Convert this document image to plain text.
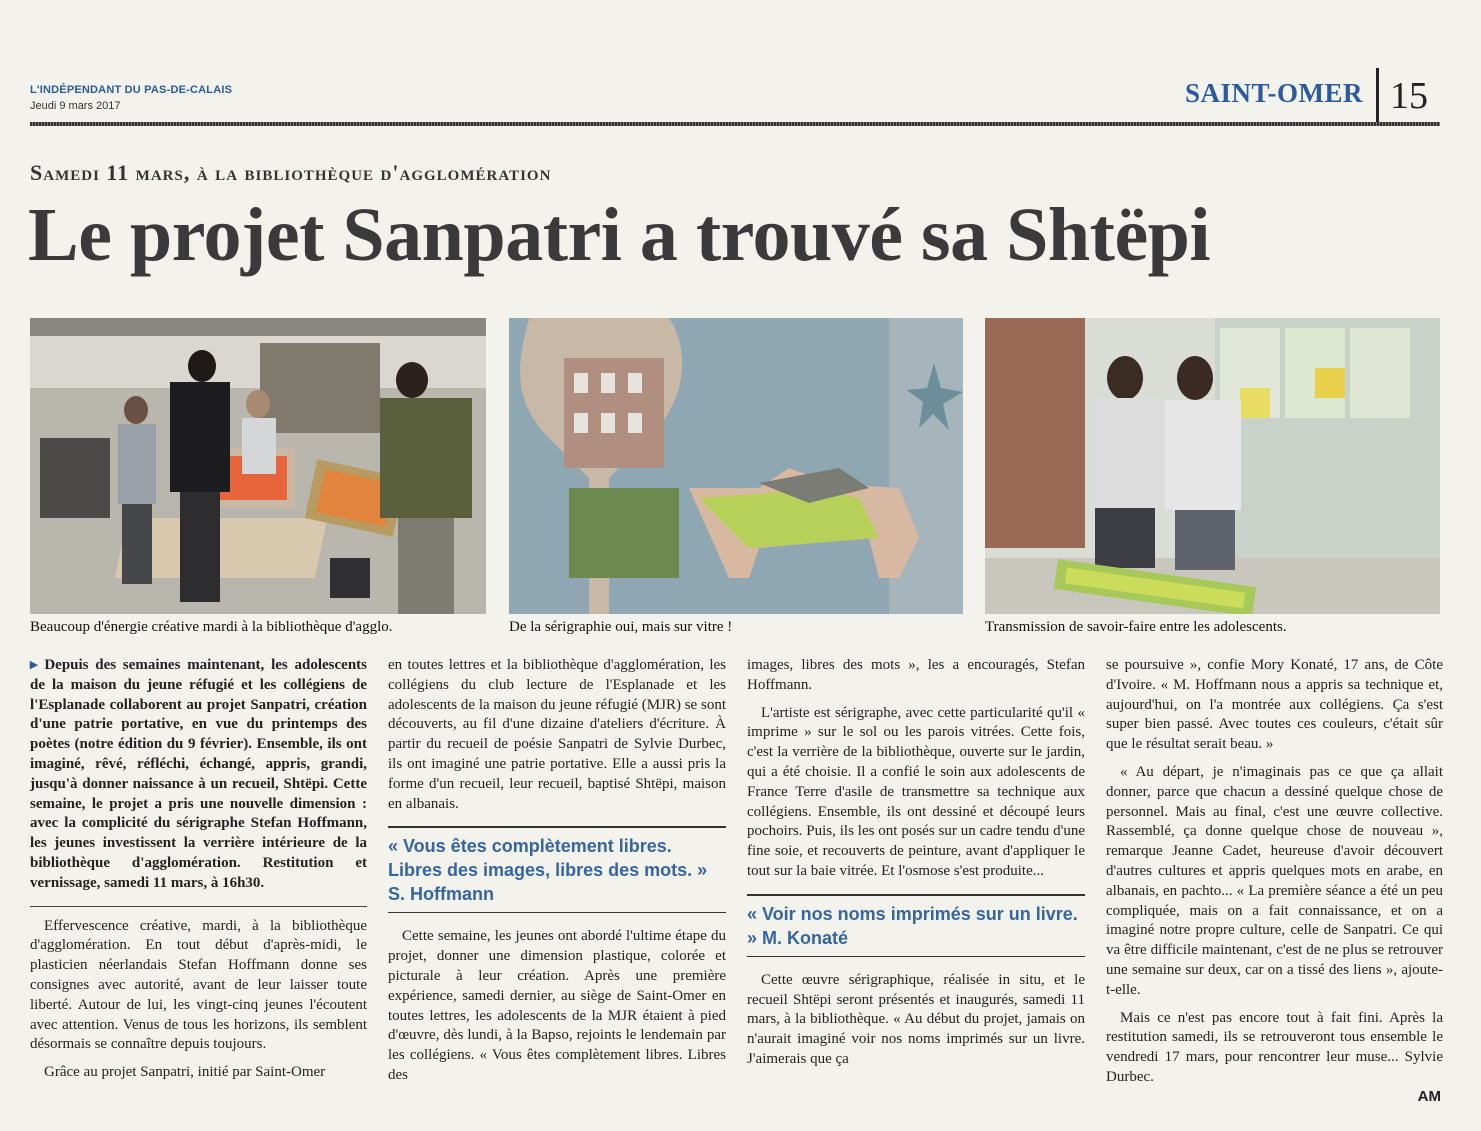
L'INDÉPENDANT DU PAS-DE-CALAIS
Jeudi 9 mars 2017	SAINT-OMER 15
Samedi 11 mars, à la bibliothèque d'agglomération
Le projet Sanpatri a trouvé sa Shtëpi
Beaucoup d'énergie créative mardi à la bibliothèque d'agglo.	De la sérigraphie oui, mais sur vitre !	Transmission de savoir-faire entre les adolescents.

▸ Depuis des semaines maintenant, les adolescents de la maison du jeune réfugié et les collégiens de l'Esplanade collaborent au projet Sanpatri, création d'une patrie portative, en vue du printemps des poètes (notre édition du 9 février). Ensemble, ils ont imaginé, rêvé, réfléchi, échangé, appris, grandi, jusqu'à donner naissance à un recueil, Shtëpi. Cette semaine, le projet a pris une nouvelle dimension : avec la complicité du sérigraphe Stefan Hoffmann, les jeunes investissent la verrière intérieure de la bibliothèque d'agglomération. Restitution et vernissage, samedi 11 mars, à 16h30.

Effervescence créative, mardi, à la bibliothèque d'agglomération. En tout début d'après-midi, le plasticien néerlandais Stefan Hoffmann donne ses consignes avec autorité, avant de leur laisser toute liberté. Autour de lui, les vingt-cinq jeunes l'écoutent avec attention. Venus de tous les horizons, ils semblent désormais se connaître depuis toujours.

Grâce au projet Sanpatri, initié par Saint-Omer

en toutes lettres et la bibliothèque d'agglomération, les collégiens du club lecture de l'Esplanade et les adolescents de la maison du jeune réfugié (MJR) se sont découverts, au fil d'une dizaine d'ateliers d'écriture. À partir du recueil de poésie Sanpatri de Sylvie Durbec, ils ont imaginé une patrie portative. Elle a aussi pris la forme d'un recueil, leur recueil, baptisé Shtëpi, maison en albanais.

« Vous êtes complètement libres. Libres des images, libres des mots. » S. Hoffmann

Cette semaine, les jeunes ont abordé l'ultime étape du projet, donner une dimension plastique, colorée et picturale à leur création. Après une première expérience, samedi dernier, au siège de Saint-Omer en toutes lettres, les adolescents de la MJR étaient à pied d'œuvre, dès lundi, à la Bapso, rejoints le lendemain par les collégiens. « Vous êtes complètement libres. Libres des

images, libres des mots », les a encouragés, Stefan Hoffmann.

L'artiste est sérigraphe, avec cette particularité qu'il « imprime » sur le sol ou les parois vitrées. Cette fois, c'est la verrière de la bibliothèque, ouverte sur le jardin, qui a été choisie. Il a confié le soin aux adolescents de France Terre d'asile de transmettre sa technique aux collégiens. Ensemble, ils ont dessiné et découpé leurs pochoirs. Puis, ils les ont posés sur un cadre tendu d'une fine soie, et recouverts de peinture, avant d'appliquer le tout sur la baie vitrée. Et l'osmose s'est produite...

« Voir nos noms imprimés sur un livre. » M. Konaté

Cette œuvre sérigraphique, réalisée in situ, et le recueil Shtëpi seront présentés et inaugurés, samedi 11 mars, à la bibliothèque. « Au début du projet, jamais on n'aurait imaginé voir nos noms imprimés sur un livre. J'aimerais que ça

se poursuive », confie Mory Konaté, 17 ans, de Côte d'Ivoire. « M. Hoffmann nous a appris sa technique et, aujourd'hui, on l'a montrée aux collégiens. Ça s'est super bien passé. Avec toutes ces couleurs, c'était sûr que le résultat serait beau. »

« Au départ, je n'imaginais pas ce que ça allait donner, parce que chacun a dessiné quelque chose de personnel. Mais au final, c'est une œuvre collective. Rassemblé, ça donne quelque chose de nouveau », remarque Jeanne Cadet, heureuse d'avoir découvert d'autres cultures et appris quelques mots en arabe, en albanais, en pachto... « La première séance a été un peu compliquée, mais on a fait connaissance, et on a imaginé notre propre culture, celle de Sanpatri. Ce qui va être difficile maintenant, c'est de ne plus se retrouver une semaine sur deux, car on a tissé des liens », ajoute-t-elle.

Mais ce n'est pas encore tout à fait fini. Après la restitution samedi, ils se retrouveront tous ensemble le vendredi 17 mars, pour rencontrer leur muse... Sylvie Durbec.

AM
